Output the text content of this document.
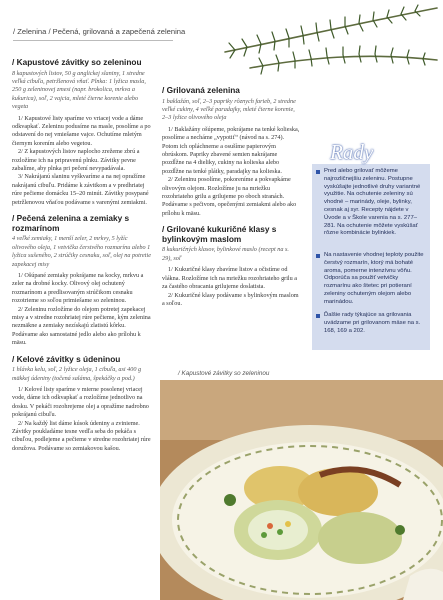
/ Zelenina / Pečená, grilovaná a zapečená zelenina
/ Kapustové závitky so zeleninou
8 kapustových listov, 50 g anglickej slaniny, 1 stredne veľká cibuľa, petržlenová vňať. Plnka: 1 lyžica masla, 250 g zeleninovej zmesi (napr. brokolica, mrkva a kukurica), soľ, 2 vajcia, mleté čierne korenie alebo vegeta

1/ Kapustové listy sparíme vo vriacej vode a dáme odkvapkať. Zeleninu podusíme na masle, posolíme a po odstavení do nej vmiešame vajce. Ochutíme mletým čiernym korením alebo vegetou.

2/ Z kapustových listov naplocho zrežeme zbrú a rozložíme ich na pripravenú plnku. Závitky pevne zabalíme, aby plnka pri pečení nevypadávala.

3/ Nakrájanú slaninu vyškvaríme a na nej opražíme nakrájanú cibuľu. Pridáme k závitkom a v predhriatej rúre pečieme domácku 15–20 minút. Závitky posypané petržlenovou vňaťou podávame s varenými zemiakmi.

/ Pečená zelenina a zemiaky s rozmarínom
4 veľké zemiaky, 1 menší zeler, 2 mrkvy, 5 lyžíc olivového oleja, 1 vetvička čerstvého rozmarínu alebo 1 lyžica sušeného, 2 strúčiky cesnaku, soľ, olej na potretie zapekacej misy

1/ Ošúpané zemiaky pokrájame na kocky, mrkvu a zeler na drobné kocky. Olivový olej ochutený rozmarínom a predlisovaným strúčikom cesnaku rozotrieme so soľou primiešame so zeleninou.

2/ Zeleninu rozložíme do olejom potretej zapekacej misy a v stredne rozohriatej rúre pečieme, kým zelenina nezmäkne a zemiaky nezískajú zlatistú kôrku. Podávame ako samostatné jedlo alebo ako prílohu k mäsu.

/ Kelové závitky s údeninou
1 hlávka kelu, soľ, 2 lyžice oleja, 1 cibuľa, asi 400 g mäkkej údeniny (točená saláma, špekáčky a pod.)

1/ Kelové listy sparíme v mierne posolenej vriacej vode, dáme ich odkvapkať a rozložíme jednotlivo na dosku. V pekáči rozohrejeme olej a opražíme nadrobno pokrájanú cibuľu.

2/ Na každý list dáme kúsok údeniny a zvinieme. Závitky poukladáme tesne vedľa seba do pekáča s cibuľou, podlejeme a pečieme v stredne rozohriatej rúre doružova. Podávame so zemiakovou kašou.

/ Grilovaná zelenina
1 baklažán, soľ, 2–3 papriky rôznych farieb, 2 stredne veľké cukiny, 4 veľké paradajky, mleté čierne korenie, 2–3 lyžice olivového oleja

1/ Baklažány ošúpeme, pokrájame na tenké kolieska, posolíme a necháme „vypotiť“ (návod na s. 274). Potom ich opláchneme a osušíme papierovým obrúskom. Papriky zbavené semien nakrájame pozdĺžne na 4 dieliky, cukiny na kolieska alebo pozdĺžne na tenké plátky, paradajky na kolieska.

2/ Zeleninu posolíme, pokoreníme a pokvapkáme olivovým olejom. Rozložíme ju na mriežku rozohriateho grilu a grilujeme po oboch stranách. Podávame s pečivom, opečenými zemiakmi alebo ako prílohu k mäsu.

/ Grilované kukuričné klasy s bylinkovým maslom
8 kukuričných klasov, bylinkové maslo (recept na s. 29), soľ

1/ Kukuričné klasy zbavíme listov a očistíme od vlákna. Rozložíme ich na mriežku rozohriateho grilu a za častého obracania grilujeme doslatista.

2/ Kukuričné klasy podávame s bylinkovým maslom a soľou.

Rady
Pred alebo grilovať môžeme najrozličnejšiu zeleninu. Postupne vyskúšajte jednotlivé druhy variantné využitie. Na ochutenie zeleniny sú vhodné – marinády, oleje, bylinky, cesnak aj syr. Recepty nájdete v Úvode a v Škole varenia na s. 277–281. Na ochutenie môžete vyskúšať rôzne kombinácie bylinkiek.
Na nastavenie vhodnej teploty použite čerstvý rozmarín, ktorý má bohaté aroma, pomerne intenzívnu vôňu. Odporúča sa použiť vetvičky rozmarínu ako štetec pri potieraní zeleniny ochuteným olejom alebo marinádou.
Ďalšie rady týkajúce sa grilovania uvádzame pri grilovanom mäse na s. 168, 169 a 202.
/ Kapustové závitky so zeleninou
